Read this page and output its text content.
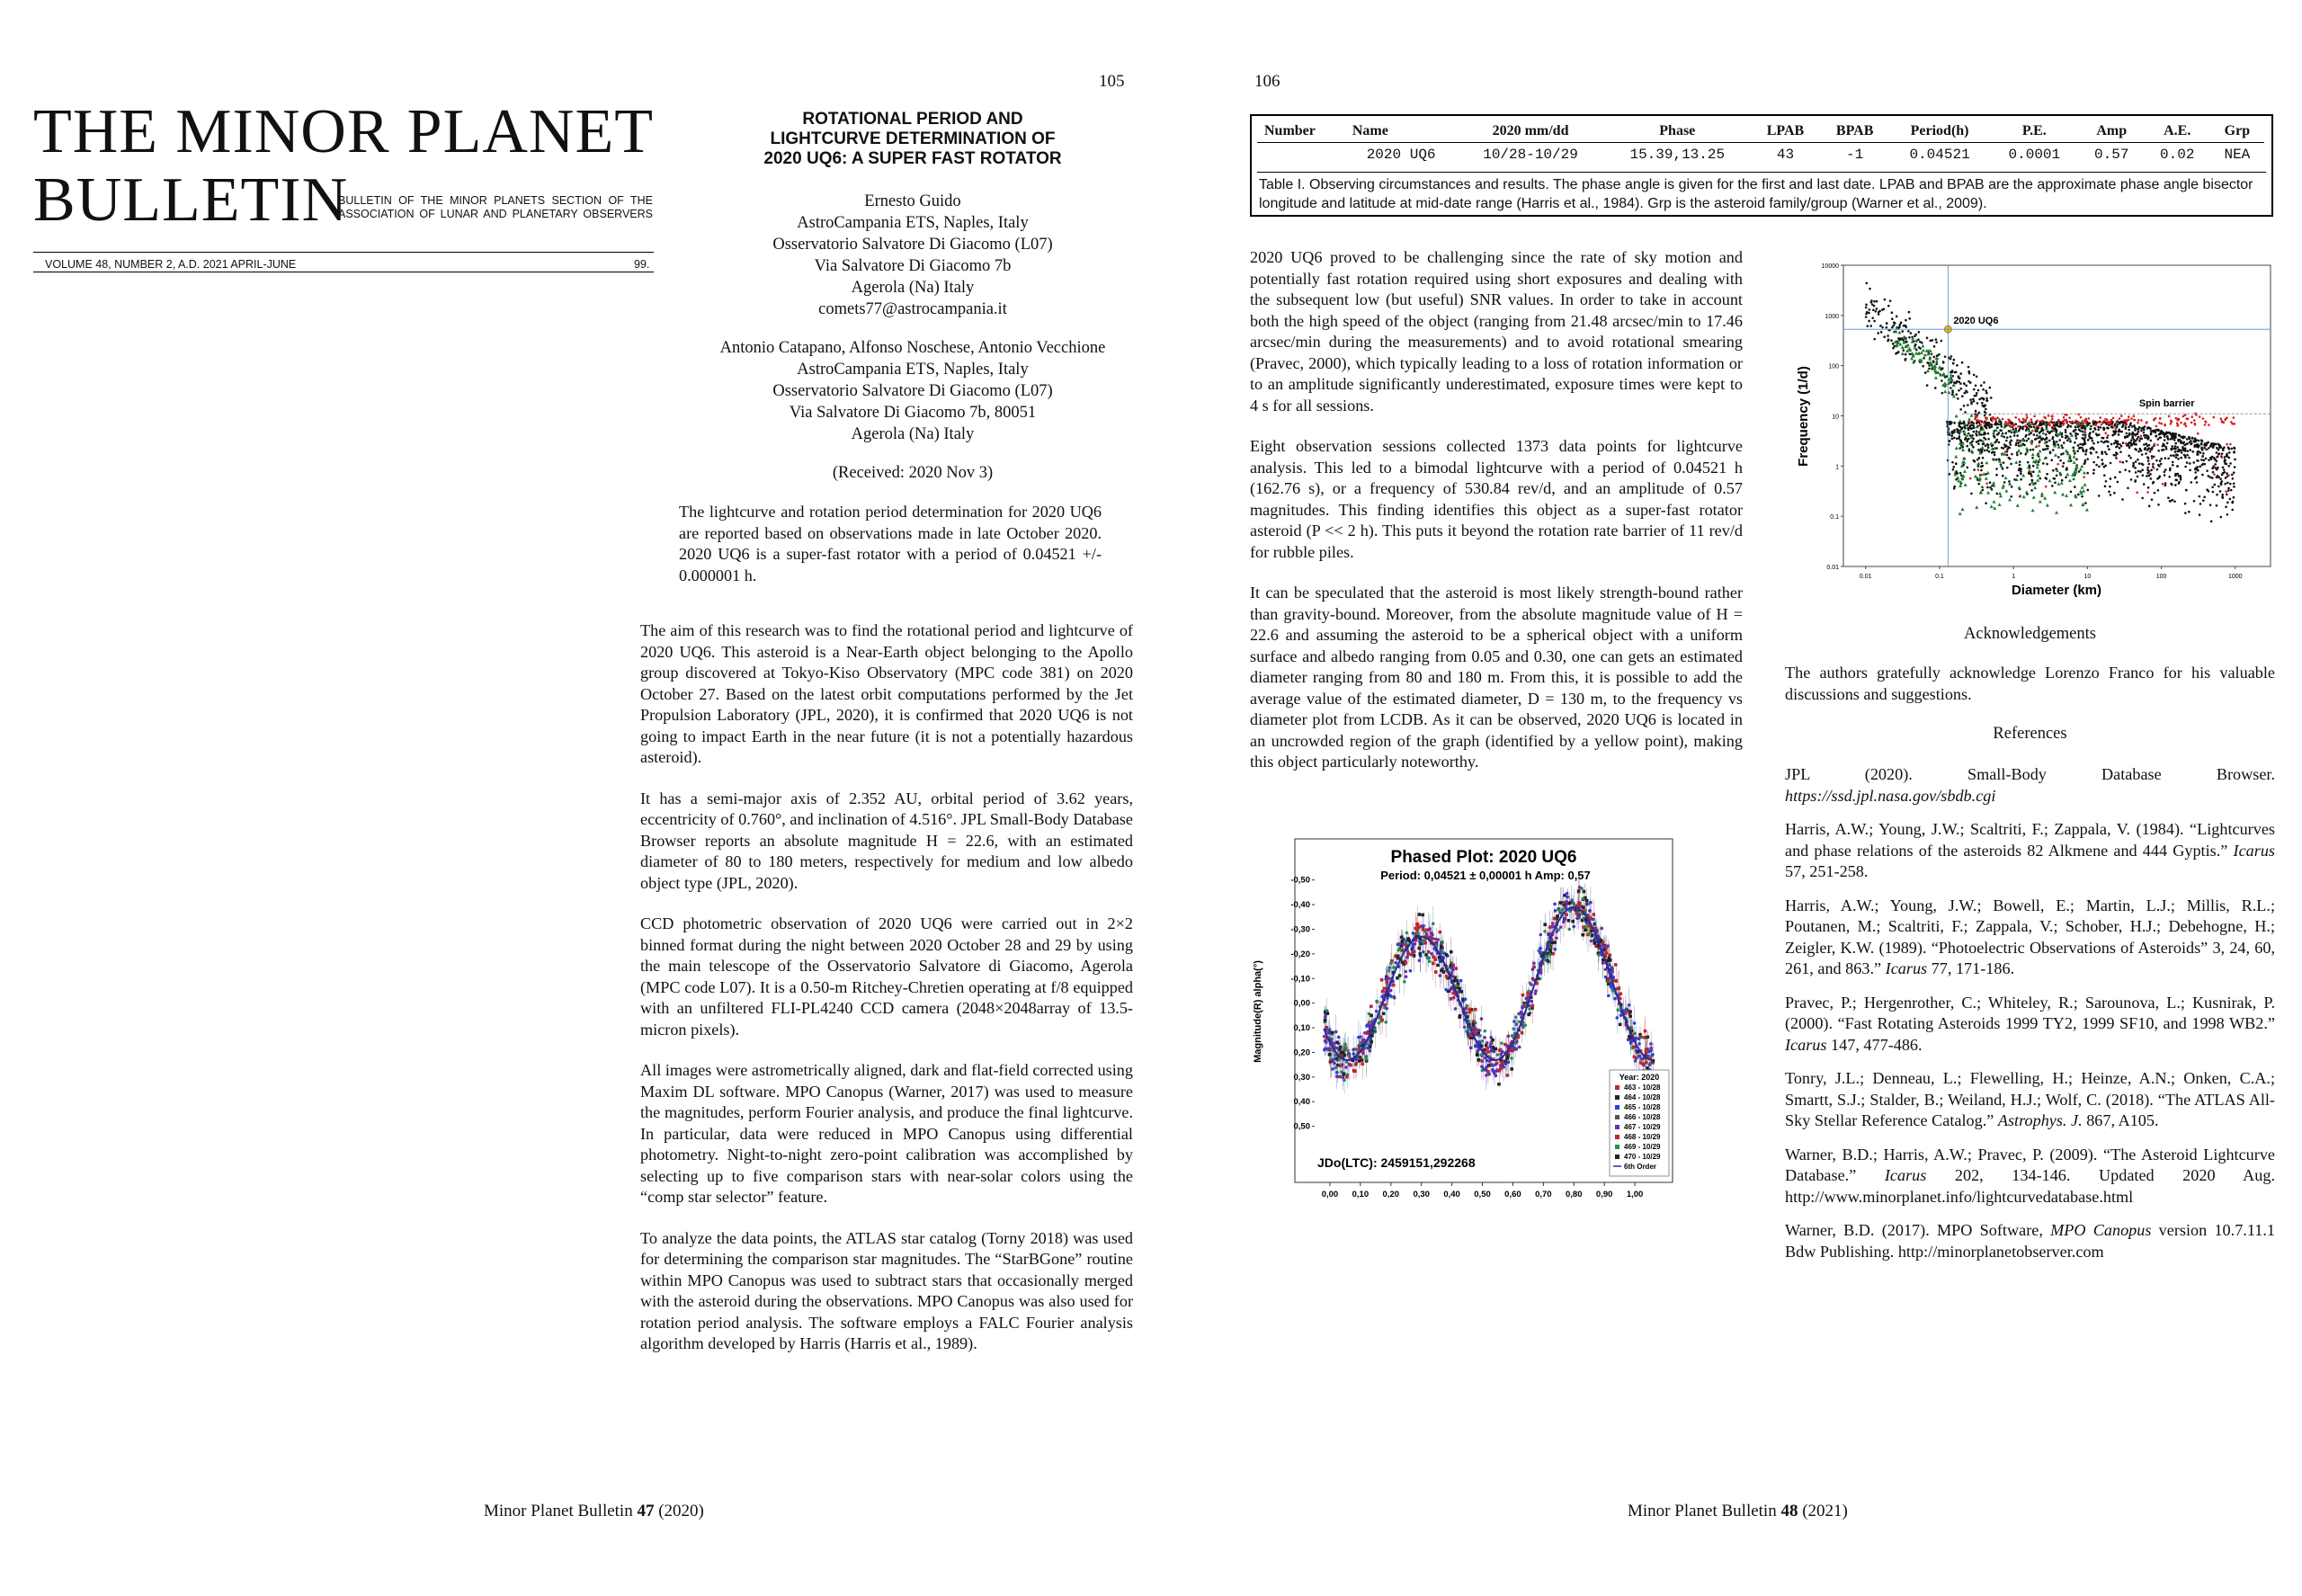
105
THE MINOR PLANET
BULLETIN
BULLETIN OF THE MINOR PLANETS SECTION OF THE
ASSOCIATION OF LUNAR AND PLANETARY OBSERVERS
VOLUME 48, NUMBER 2, A.D. 2021 APRIL-JUNE	99.
ROTATIONAL PERIOD AND
LIGHTCURVE DETERMINATION OF
2020 UQ6: A SUPER FAST ROTATOR
Ernesto Guido
AstroCampania ETS, Naples, Italy
Osservatorio Salvatore Di Giacomo (L07)
Via Salvatore Di Giacomo 7b
Agerola (Na) Italy
comets77@astrocampania.it
Antonio Catapano, Alfonso Noschese, Antonio Vecchione
AstroCampania ETS, Naples, Italy
Osservatorio Salvatore Di Giacomo (L07)
Via Salvatore Di Giacomo 7b, 80051
Agerola (Na) Italy
(Received: 2020 Nov 3)
The lightcurve and rotation period determination for 2020 UQ6 are reported based on observations made in late October 2020. 2020 UQ6 is a super-fast rotator with a period of 0.04521 +/- 0.000001 h.
The aim of this research was to find the rotational period and lightcurve of 2020 UQ6. This asteroid is a Near-Earth object belonging to the Apollo group discovered at Tokyo-Kiso Observatory (MPC code 381) on 2020 October 27. Based on the latest orbit computations performed by the Jet Propulsion Laboratory (JPL, 2020), it is confirmed that 2020 UQ6 is not going to impact Earth in the near future (it is not a potentially hazardous asteroid).
It has a semi-major axis of 2.352 AU, orbital period of 3.62 years, eccentricity of 0.760°, and inclination of 4.516°. JPL Small-Body Database Browser reports an absolute magnitude H = 22.6, with an estimated diameter of 80 to 180 meters, respectively for medium and low albedo object type (JPL, 2020).
CCD photometric observation of 2020 UQ6 were carried out in 2×2 binned format during the night between 2020 October 28 and 29 by using the main telescope of the Osservatorio Salvatore di Giacomo, Agerola (MPC code L07). It is a 0.50-m Ritchey-Chretien operating at f/8 equipped with an unfiltered FLI-PL4240 CCD camera (2048×2048array of 13.5-micron pixels).
All images were astrometrically aligned, dark and flat-field corrected using Maxim DL software. MPO Canopus (Warner, 2017) was used to measure the magnitudes, perform Fourier analysis, and produce the final lightcurve. In particular, data were reduced in MPO Canopus using differential photometry. Night-to-night zero-point calibration was accomplished by selecting up to five comparison stars with near-solar colors using the “comp star selector” feature.
To analyze the data points, the ATLAS star catalog (Torny 2018) was used for determining the comparison star magnitudes. The “StarBGone” routine within MPO Canopus was used to subtract stars that occasionally merged with the asteroid during the observations. MPO Canopus was also used for rotation period analysis. The software employs a FALC Fourier analysis algorithm developed by Harris (Harris et al., 1989).
Minor Planet Bulletin 47 (2020)
106
Number	Name	2020 mm/dd	Phase	LPAB	BPAB	Period(h)	P.E.	Amp	A.E.	Grp
	2020 UQ6	10/28-10/29	15.39,13.25	43	-1	0.04521	0.0001	0.57	0.02	NEA
Table I. Observing circumstances and results. The phase angle is given for the first and last date. LPAB and BPAB are the approximate phase angle bisector longitude and latitude at mid-date range (Harris et al., 1984). Grp is the asteroid family/group (Warner et al., 2009).
2020 UQ6 proved to be challenging since the rate of sky motion and potentially fast rotation required using short exposures and dealing with the subsequent low (but useful) SNR values. In order to take in account both the high speed of the object (ranging from 21.48 arcsec/min to 17.46 arcsec/min during the measurements) and to avoid rotational smearing (Pravec, 2000), which typically leading to a loss of rotation information or to an amplitude significantly underestimated, exposure times were kept to 4 s for all sessions.
Eight observation sessions collected 1373 data points for lightcurve analysis. This led to a bimodal lightcurve with a period of 0.04521 h (162.76 s), or a frequency of 530.84 rev/d, and an amplitude of 0.57 magnitudes. This finding identifies this object as a super-fast rotator asteroid (P << 2 h). This puts it beyond the rotation rate barrier of 11 rev/d for rubble piles.
It can be speculated that the asteroid is most likely strength-bound rather than gravity-bound. Moreover, from the absolute magnitude value of H = 22.6 and assuming the asteroid to be a spherical object with a uniform surface and albedo ranging from 0.05 and 0.30, one can gets an estimated diameter ranging from 80 and 180 m. From this, it is possible to add the average value of the estimated diameter, D = 130 m, to the frequency vs diameter plot from LCDB. As it can be observed, 2020 UQ6 is located in an uncrowded region of the graph (identified by a yellow point), making this object particularly noteworthy.
2020 UQ6
10000
1000
100
10
1
0.1
0.01
0.01	0.1	1	10	100	1000
Spin barrier
Frequency (1/d)
Diameter (km)
Phased Plot: 2020 UQ6
Period: 0,04521 ± 0,00001 h Amp: 0,57
-0,50
-0,40
-0,30
-0,20
-0,10
0,00
0,10
0,20
0,30
0,40
0,50
0,00 0,10 0,20 0,30 0,40 0,50 0,60 0,70 0,80 0,90 1,00
Magnitude(R) alpha(°)
JDo(LTC): 2459151,292268
Year: 2020
463 - 10/28
464 - 10/28
465 - 10/28
466 - 10/28
467 - 10/29
468 - 10/29
469 - 10/29
470 - 10/29
6th Order
Acknowledgements
The authors gratefully acknowledge Lorenzo Franco for his valuable discussions and suggestions.
References
JPL (2020). Small-Body Database Browser. https://ssd.jpl.nasa.gov/sbdb.cgi
Harris, A.W.; Young, J.W.; Scaltriti, F.; Zappala, V. (1984). “Lightcurves and phase relations of the asteroids 82 Alkmene and 444 Gyptis.” Icarus 57, 251-258.
Harris, A.W.; Young, J.W.; Bowell, E.; Martin, L.J.; Millis, R.L.; Poutanen, M.; Scaltriti, F.; Zappala, V.; Schober, H.J.; Debehogne, H.; Zeigler, K.W. (1989). “Photoelectric Observations of Asteroids” 3, 24, 60, 261, and 863.” Icarus 77, 171-186.
Pravec, P.; Hergenrother, C.; Whiteley, R.; Sarounova, L.; Kusnirak, P. (2000). “Fast Rotating Asteroids 1999 TY2, 1999 SF10, and 1998 WB2.” Icarus 147, 477-486.
Tonry, J.L.; Denneau, L.; Flewelling, H.; Heinze, A.N.; Onken, C.A.; Smartt, S.J.; Stalder, B.; Weiland, H.J.; Wolf, C. (2018). “The ATLAS All-Sky Stellar Reference Catalog.” Astrophys. J. 867, A105.
Warner, B.D.; Harris, A.W.; Pravec, P. (2009). “The Asteroid Lightcurve Database.” Icarus 202, 134-146. Updated 2020 Aug. http://www.minorplanet.info/lightcurvedatabase.html
Warner, B.D. (2017). MPO Software, MPO Canopus version 10.7.11.1 Bdw Publishing. http://minorplanetobserver.com
Minor Planet Bulletin 48 (2021)
